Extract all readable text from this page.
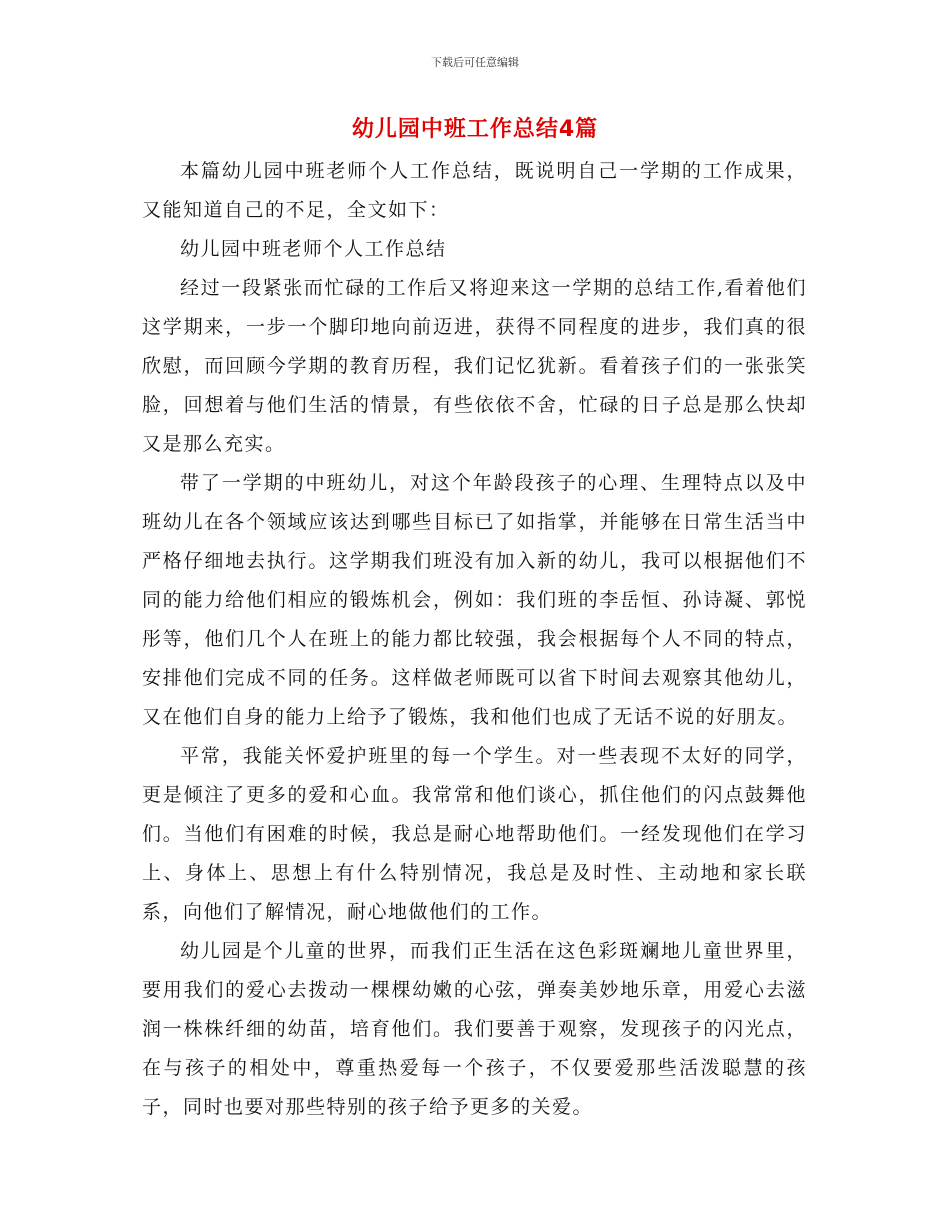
下载后可任意编辑
幼儿园中班工作总结4篇

本篇幼儿园中班老师个人工作总结，既说明自己一学期的工作成果，又能知道自己的不足，全文如下：

幼儿园中班老师个人工作总结

经过一段紧张而忙碌的工作后又将迎来这一学期的总结工作,看着他们这学期来，一步一个脚印地向前迈进，获得不同程度的进步，我们真的很欣慰，而回顾今学期的教育历程，我们记忆犹新。看着孩子们的一张张笑脸，回想着与他们生活的情景，有些依依不舍，忙碌的日子总是那么快却又是那么充实。

带了一学期的中班幼儿，对这个年龄段孩子的心理、生理特点以及中班幼儿在各个领域应该达到哪些目标已了如指掌，并能够在日常生活当中严格仔细地去执行。这学期我们班没有加入新的幼儿，我可以根据他们不同的能力给他们相应的锻炼机会，例如：我们班的李岳恒、孙诗凝、郭悦彤等，他们几个人在班上的能力都比较强，我会根据每个人不同的特点，安排他们完成不同的任务。这样做老师既可以省下时间去观察其他幼儿，又在他们自身的能力上给予了锻炼，我和他们也成了无话不说的好朋友。

平常，我能关怀爱护班里的每一个学生。对一些表现不太好的同学，更是倾注了更多的爱和心血。我常常和他们谈心，抓住他们的闪点鼓舞他们。当他们有困难的时候，我总是耐心地帮助他们。一经发现他们在学习上、身体上、思想上有什么特别情况，我总是及时性、主动地和家长联系，向他们了解情况，耐心地做他们的工作。

幼儿园是个儿童的世界，而我们正生活在这色彩斑斓地儿童世界里，要用我们的爱心去拨动一棵棵幼嫩的心弦，弹奏美妙地乐章，用爱心去滋润一株株纤细的幼苗，培育他们。我们要善于观察，发现孩子的闪光点，在与孩子的相处中，尊重热爱每一个孩子，不仅要爱那些活泼聪慧的孩子，同时也要对那些特别的孩子给予更多的关爱。
